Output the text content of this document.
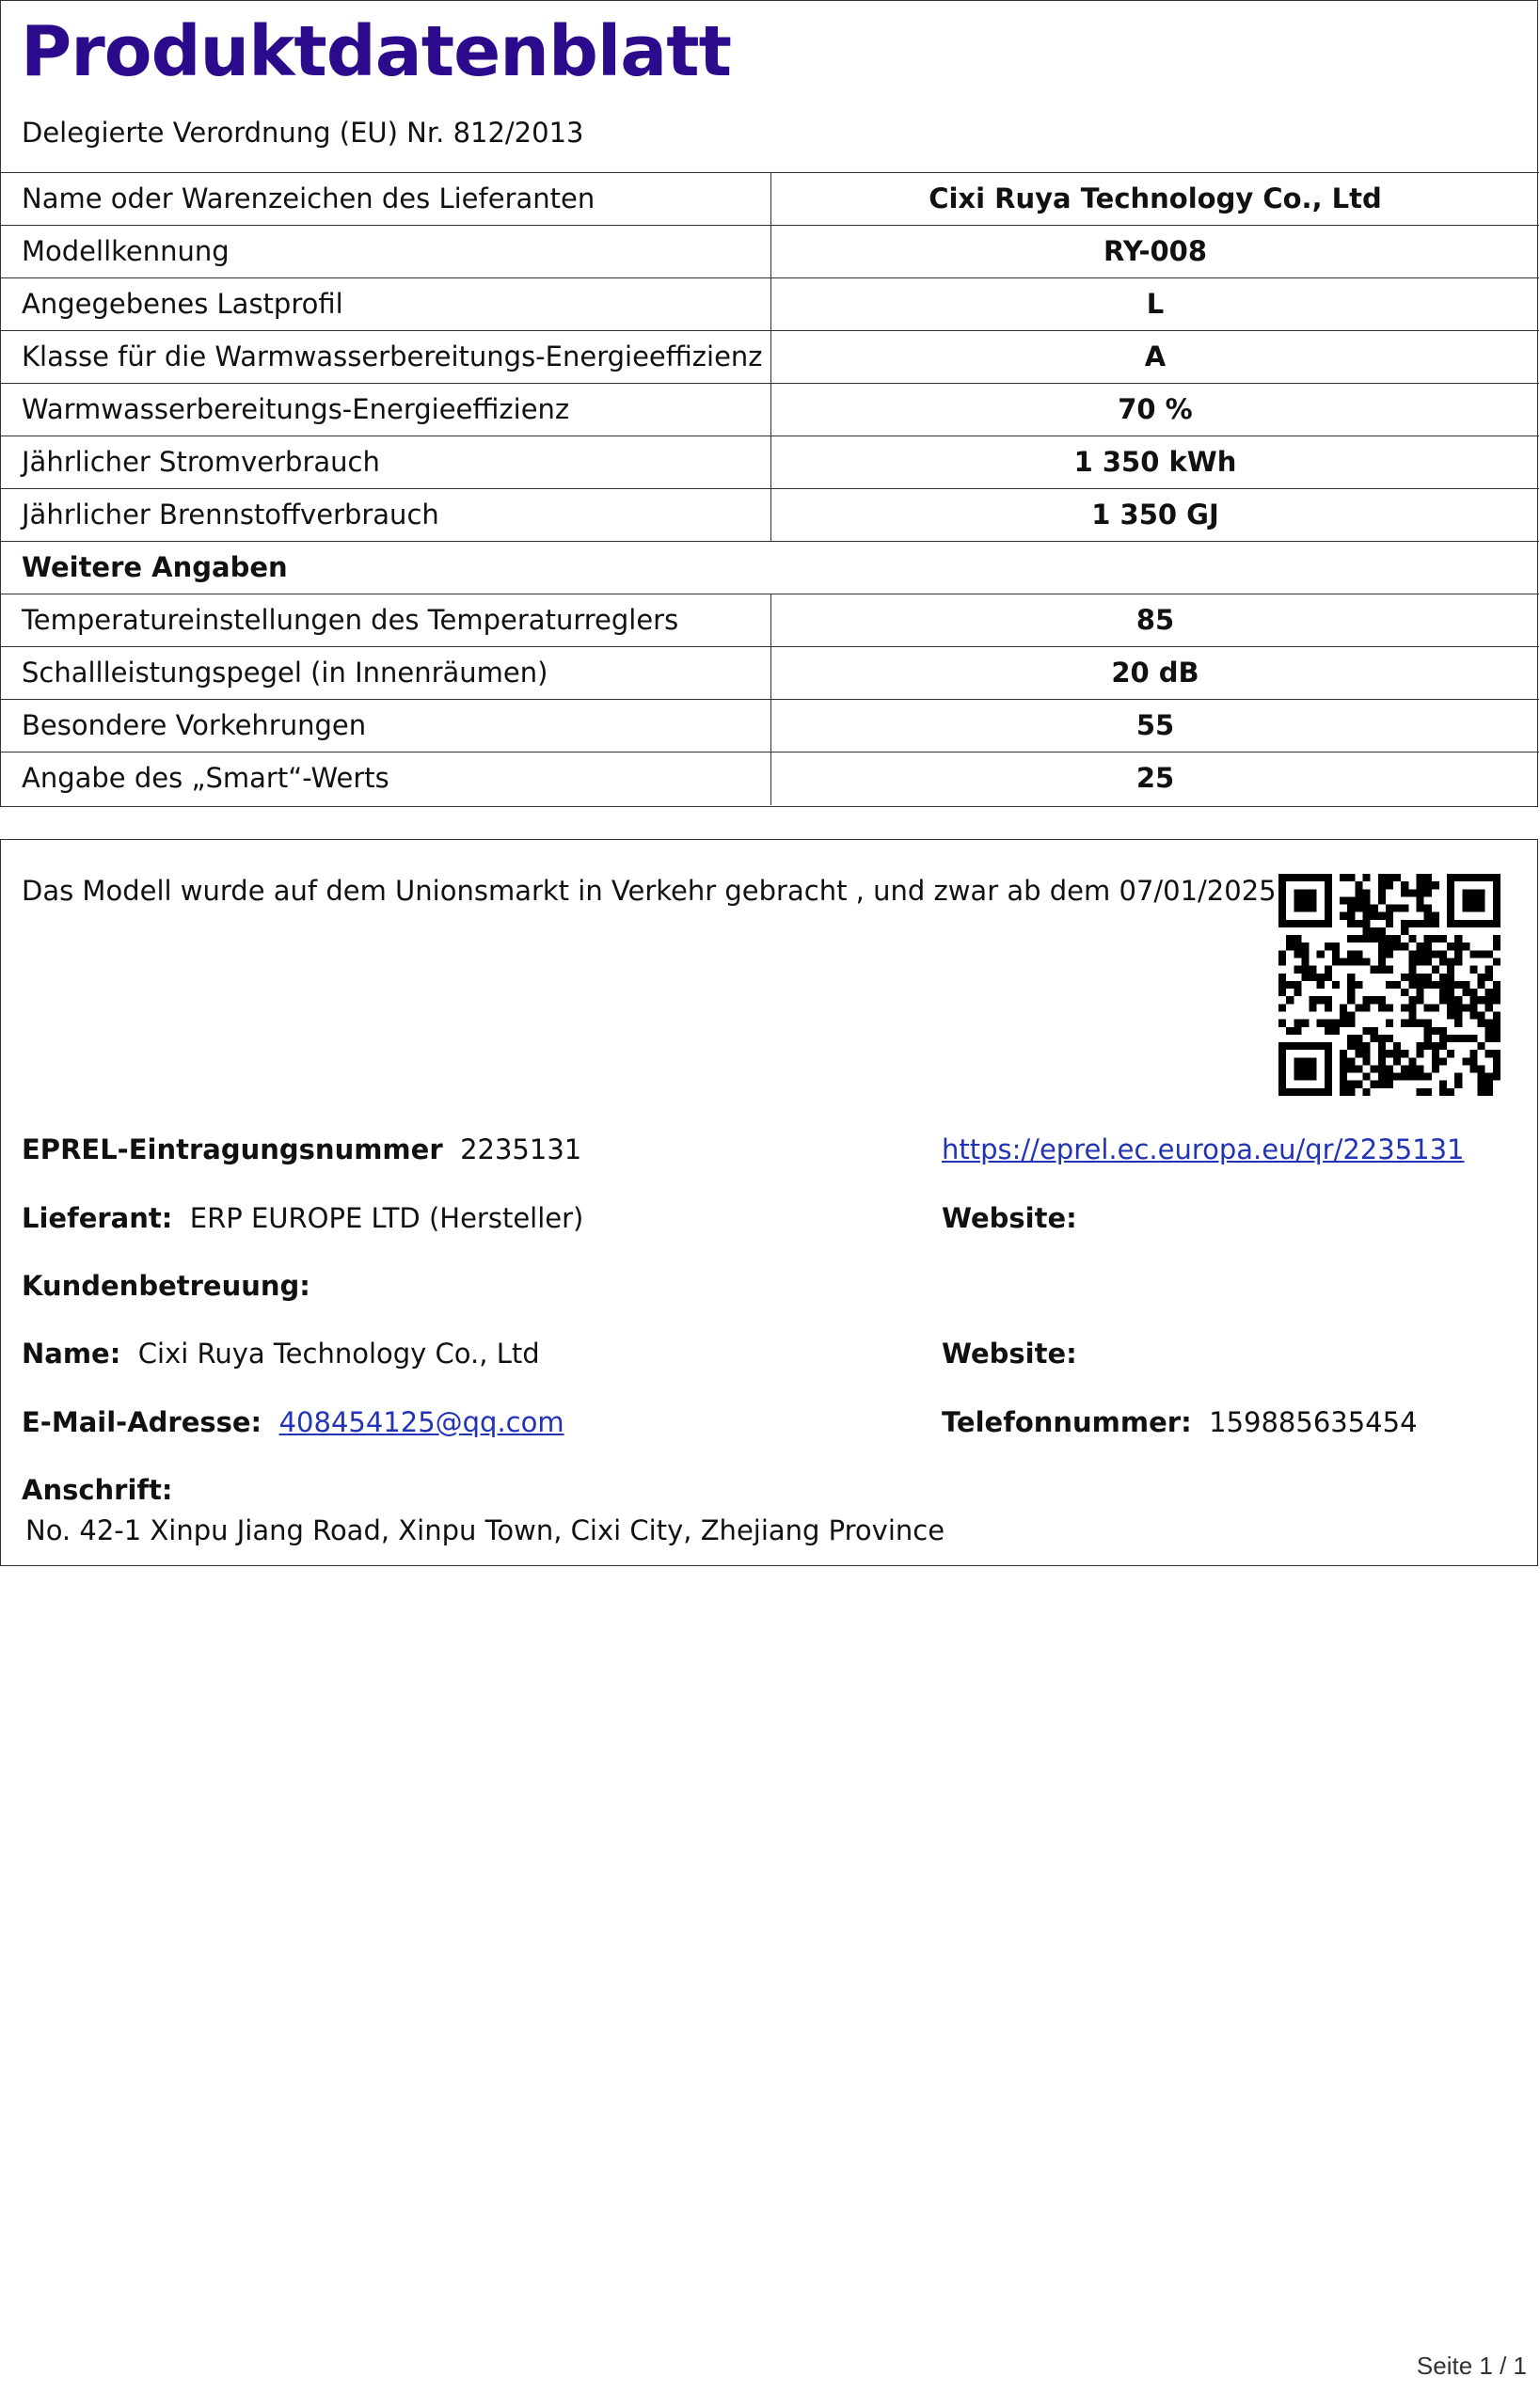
Produktdatenblatt
Delegierte Verordnung (EU) Nr. 812/2013
Name oder Warenzeichen des Lieferanten	Cixi Ruya Technology Co., Ltd
Modellkennung	RY-008
Angegebenes Lastprofil	L
Klasse für die Warmwasserbereitungs-Energieeffizienz	A
Warmwasserbereitungs-Energieeffizienz	70 %
Jährlicher Stromverbrauch	1 350 kWh
Jährlicher Brennstoffverbrauch	1 350 GJ
Weitere Angaben
Temperatureinstellungen des Temperaturreglers	85
Schallleistungspegel (in Innenräumen)	20 dB
Besondere Vorkehrungen	55
Angabe des „Smart“-Werts	25
Das Modell wurde auf dem Unionsmarkt in Verkehr gebracht , und zwar ab dem 07/01/2025
EPREL-Eintragungsnummer 2235131	https://eprel.ec.europa.eu/qr/2235131
Lieferant: ERP EUROPE LTD (Hersteller)	Website:
Kundenbetreuung:
Name: Cixi Ruya Technology Co., Ltd	Website:
E-Mail-Adresse: 408454125@qq.com	Telefonnummer: 159885635454
Anschrift:
No. 42-1 Xinpu Jiang Road, Xinpu Town, Cixi City, Zhejiang Province
Seite 1 / 1
